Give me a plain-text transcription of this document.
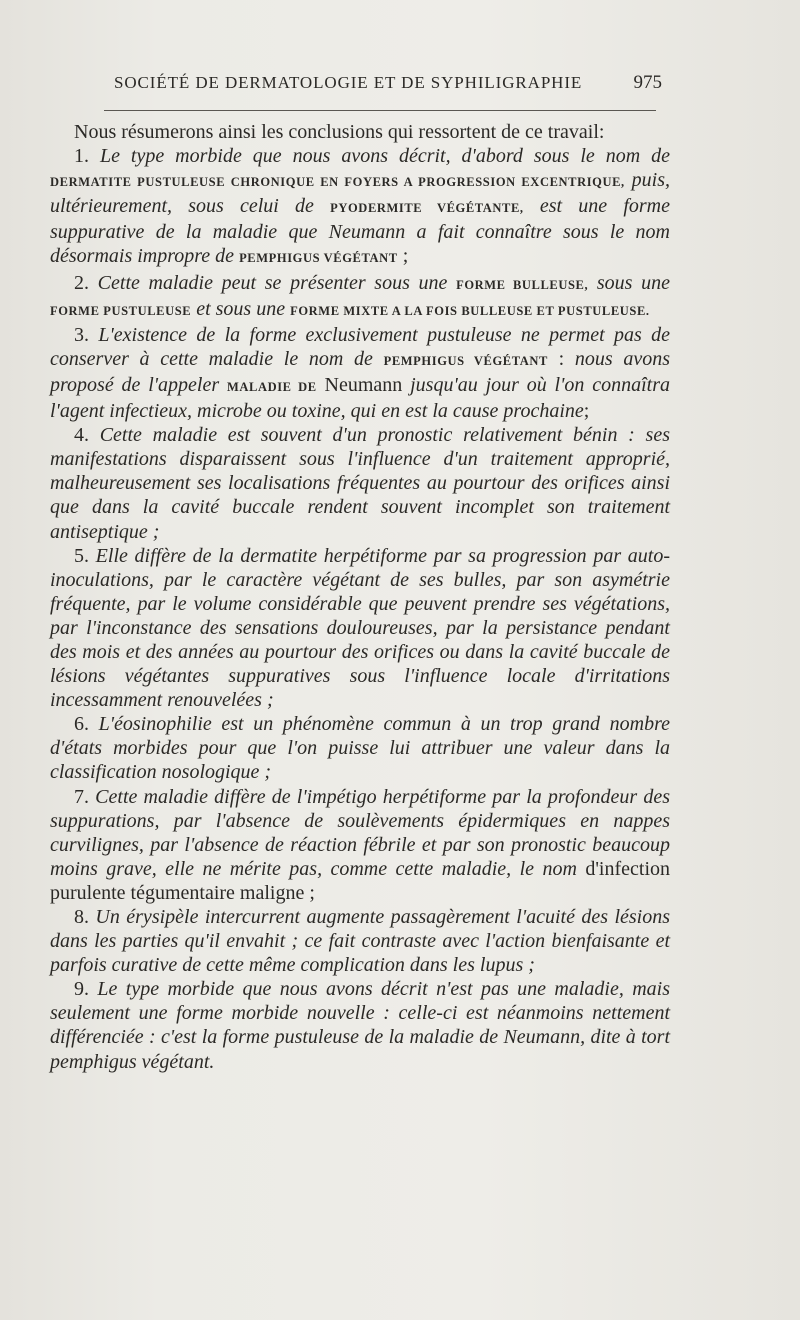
SOCIÉTÉ DE DERMATOLOGIE ET DE SYPHILIGRAPHIE	975

Nous résumerons ainsi les conclusions qui ressortent de ce travail:

1. Le type morbide que nous avons décrit, d'abord sous le nom de DERMATITE PUSTULEUSE CHRONIQUE EN FOYERS A PROGRESSION EXCENTRIQUE, puis, ultérieurement, sous celui de PYODERMITE VÉGÉTANTE, est une forme suppurative de la maladie que Neumann a fait connaître sous le nom désormais impropre de PEMPHIGUS VÉGÉTANT ;

2. Cette maladie peut se présenter sous une FORME BULLEUSE, sous une FORME PUSTULEUSE et sous une FORME MIXTE A LA FOIS BULLEUSE ET PUSTULEUSE.

3. L'existence de la forme exclusivement pustuleuse ne permet pas de conserver à cette maladie le nom de PEMPHIGUS VÉGÉTANT : nous avons proposé de l'appeler MALADIE DE Neumann jusqu'au jour où l'on connaîtra l'agent infectieux, microbe ou toxine, qui en est la cause prochaine;

4. Cette maladie est souvent d'un pronostic relativement bénin : ses manifestations disparaissent sous l'influence d'un traitement approprié, malheureusement ses localisations fréquentes au pourtour des orifices ainsi que dans la cavité buccale rendent souvent incomplet son traitement antiseptique ;

5. Elle diffère de la dermatite herpétiforme par sa progression par auto-inoculations, par le caractère végétant de ses bulles, par son asymétrie fréquente, par le volume considérable que peuvent prendre ses végétations, par l'inconstance des sensations douloureuses, par la persistance pendant des mois et des années au pourtour des orifices ou dans la cavité buccale de lésions végétantes suppuratives sous l'influence locale d'irritations incessamment renouvelées ;

6. L'éosinophilie est un phénomène commun à un trop grand nombre d'états morbides pour que l'on puisse lui attribuer une valeur dans la classification nosologique ;

7. Cette maladie diffère de l'impétigo herpétiforme par la profondeur des suppurations, par l'absence de soulèvements épidermiques en nappes curvilignes, par l'absence de réaction fébrile et par son pronostic beaucoup moins grave, elle ne mérite pas, comme cette maladie, le nom d'infection purulente tégumentaire maligne ;

8. Un érysipèle intercurrent augmente passagèrement l'acuité des lésions dans les parties qu'il envahit ; ce fait contraste avec l'action bienfaisante et parfois curative de cette même complication dans les lupus ;

9. Le type morbide que nous avons décrit n'est pas une maladie, mais seulement une forme morbide nouvelle : celle-ci est néanmoins nettement différenciée : c'est la forme pustuleuse de la maladie de Neumann, dite à tort pemphigus végétant.
